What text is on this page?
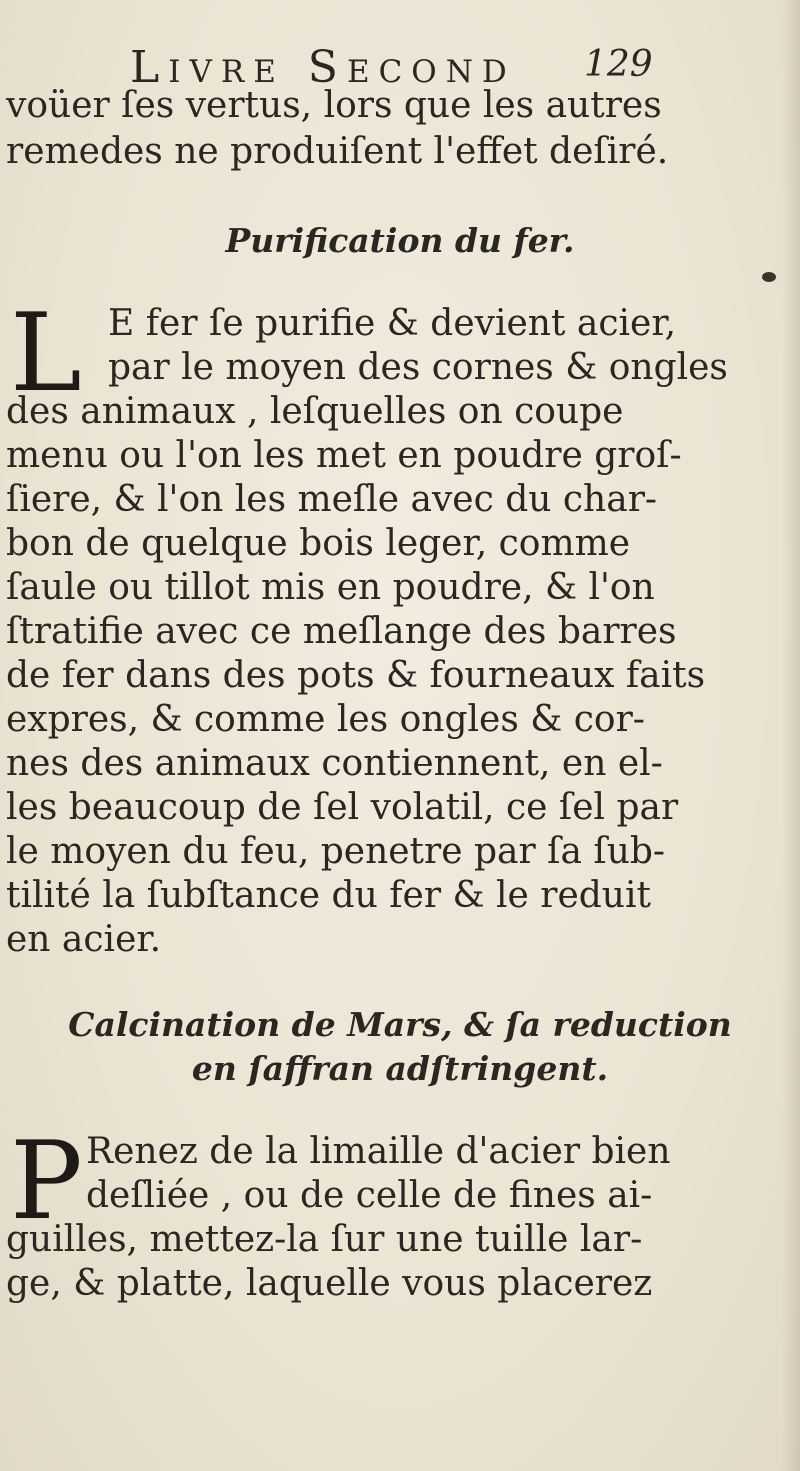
Livre Second 129
voüer ſes vertus, lors que les autres
remedes ne produiſent l'effet deſiré.
Purification du fer.
L E fer ſe purifie & devient acier,
par le moyen des cornes & ongles
des animaux , leſquelles on coupe
menu ou l'on les met en poudre groſ-
ſiere, & l'on les meſle avec du char-
bon de quelque bois leger, comme
ſaule ou tillot mis en poudre, & l'on
ſtratifie avec ce meſlange des barres
de fer dans des pots & fourneaux faits
expres, & comme les ongles & cor-
nes des animaux contiennent, en el-
les beaucoup de ſel volatil, ce ſel par
le moyen du feu, penetre par ſa ſub-
tilité la ſubſtance du fer & le reduit
en acier.
Calcination de Mars, & ſa reduction
en ſaffran adſtringent.
P Renez de la limaille d'acier bien
deſliée , ou de celle de fines ai-
guilles, mettez-la ſur une tuille lar-
ge, & platte, laquelle vous placerez
